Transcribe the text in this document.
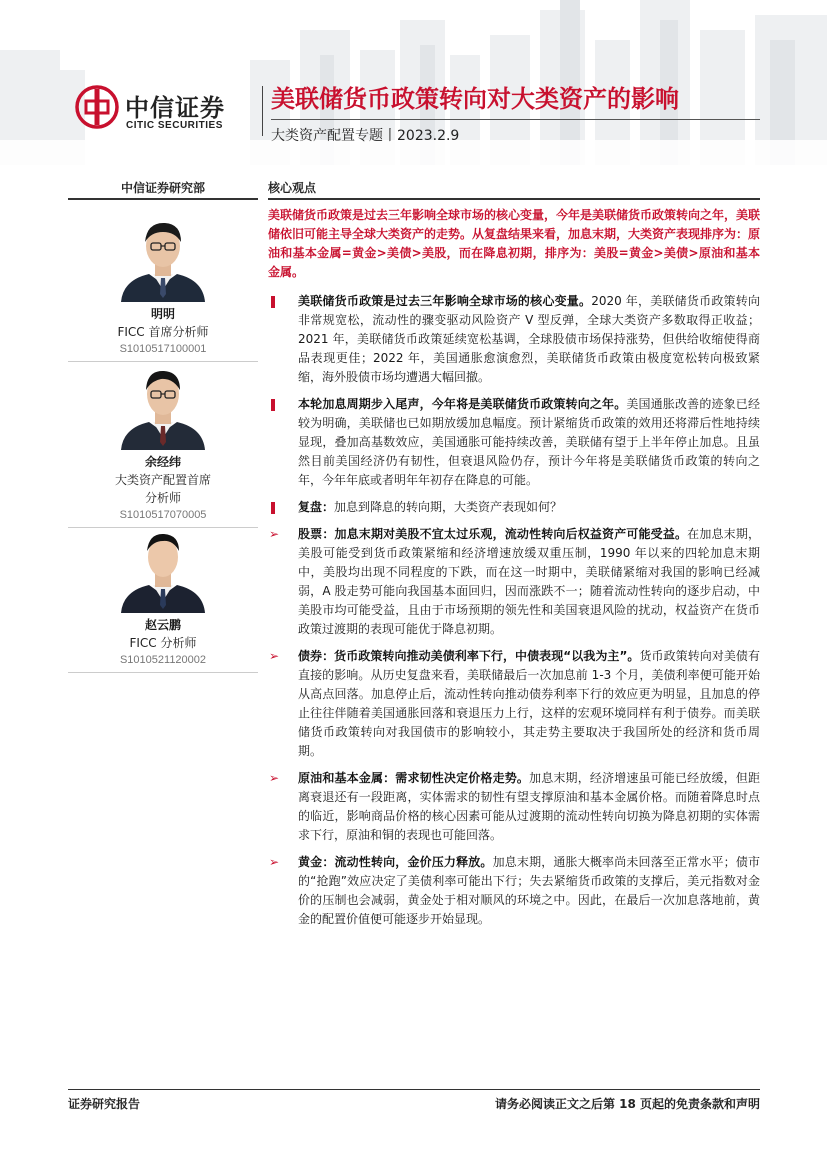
中信证券
CITIC SECURITIES
美联储货币政策转向对大类资产的影响
大类资产配置专题丨2023.2.9
中信证券研究部	核心观点
明明
FICC 首席分析师
S1010517100001
余经纬
大类资产配置首席
分析师
S1010517070005
赵云鹏
FICC 分析师
S1010521120002

美联储货币政策是过去三年影响全球市场的核心变量，今年是美联储货币政策转向之年，美联储依旧可能主导全球大类资产的走势。从复盘结果来看，加息末期，大类资产表现排序为：原油和基本金属=黄金>美债>美股，而在降息初期，排序为：美股=黄金>美债>原油和基本金属。

美联储货币政策是过去三年影响全球市场的核心变量。2020 年，美联储货币政策转向非常规宽松，流动性的骤变驱动风险资产 V 型反弹，全球大类资产多数取得正收益；2021 年，美联储货币政策延续宽松基调，全球股债市场保持涨势，但供给收缩使得商品表现更佳；2022 年，美国通胀愈演愈烈，美联储货币政策由极度宽松转向极致紧缩，海外股债市场均遭遇大幅回撤。

本轮加息周期步入尾声，今年将是美联储货币政策转向之年。美国通胀改善的迹象已经较为明确，美联储也已如期放缓加息幅度。预计紧缩货币政策的效用还将滞后性地持续显现，叠加高基数效应，美国通胀可能持续改善，美联储有望于上半年停止加息。且虽然目前美国经济仍有韧性，但衰退风险仍存，预计今年将是美联储货币政策的转向之年，今年年底或者明年年初存在降息的可能。

复盘：加息到降息的转向期，大类资产表现如何？

➢ 股票：加息末期对美股不宜太过乐观，流动性转向后权益资产可能受益。在加息末期，美股可能受到货币政策紧缩和经济增速放缓双重压制，1990 年以来的四轮加息末期中，美股均出现不同程度的下跌，而在这一时期中，美联储紧缩对我国的影响已经减弱，A 股走势可能向我国基本面回归，因而涨跌不一；随着流动性转向的逐步启动，中美股市均可能受益，且由于市场预期的领先性和美国衰退风险的扰动，权益资产在货币政策过渡期的表现可能优于降息初期。

➢ 债券：货币政策转向推动美债利率下行，中债表现“以我为主”。货币政策转向对美债有直接的影响。从历史复盘来看，美联储最后一次加息前 1-3 个月，美债利率便可能开始从高点回落。加息停止后，流动性转向推动债券利率下行的效应更为明显，且加息的停止往往伴随着美国通胀回落和衰退压力上行，这样的宏观环境同样有利于债券。而美联储货币政策转向对我国债市的影响较小，其走势主要取决于我国所处的经济和货币周期。

➢ 原油和基本金属：需求韧性决定价格走势。加息末期，经济增速虽可能已经放缓，但距离衰退还有一段距离，实体需求的韧性有望支撑原油和基本金属价格。而随着降息时点的临近，影响商品价格的核心因素可能从过渡期的流动性转向切换为降息初期的实体需求下行，原油和铜的表现也可能回落。

➢ 黄金：流动性转向，金价压力释放。加息末期，通胀大概率尚未回落至正常水平；债市的“抢跑”效应决定了美债利率可能出下行；失去紧缩货币政策的支撑后，美元指数对金价的压制也会减弱，黄金处于相对顺风的环境之中。因此，在最后一次加息落地前，黄金的配置价值便可能逐步开始显现。

证券研究报告	请务必阅读正文之后第 18 页起的免责条款和声明
